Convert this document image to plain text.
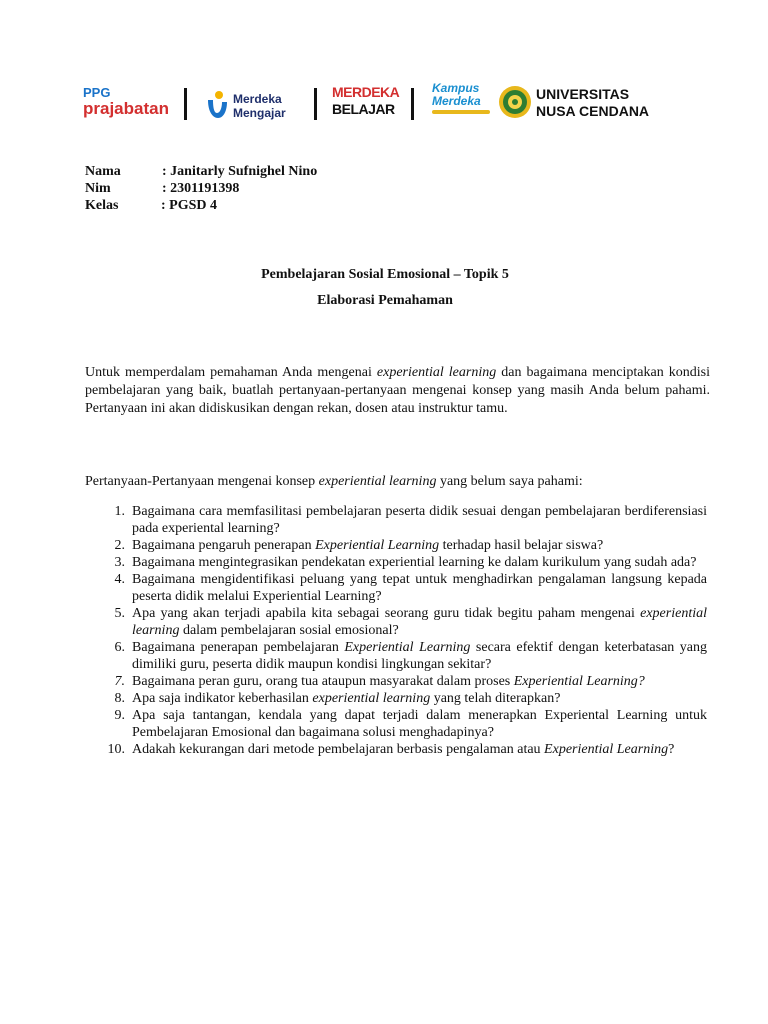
PPG
prajabatan	Merdeka
Mengajar
MERDEKA
BELAJAR
Kampus
Merdeka	UNIVERSITAS
NUSA CENDANA
Nama	: Janitarly Sufnighel Nino
Nim	: 2301191398
Kelas	: PGSD 4
Pembelajaran Sosial Emosional – Topik 5
Elaborasi Pemahaman
Untuk memperdalam pemahaman Anda mengenai experiential learning dan bagaimana menciptakan kondisi pembelajaran yang baik, buatlah pertanyaan-pertanyaan mengenai konsep yang masih Anda belum pahami. Pertanyaan ini akan didiskusikan dengan rekan, dosen atau instruktur tamu.
Pertanyaan-Pertanyaan mengenai konsep experiential learning yang belum saya pahami:
1. Bagaimana cara memfasilitasi pembelajaran peserta didik sesuai dengan pembelajaran berdiferensiasi pada experiental learning?
2. Bagaimana pengaruh penerapan Experiential Learning terhadap hasil belajar siswa?
3. Bagaimana mengintegrasikan pendekatan experiential learning ke dalam kurikulum yang sudah ada?
4. Bagaimana mengidentifikasi peluang yang tepat untuk menghadirkan pengalaman langsung kepada peserta didik melalui Experiential Learning?
5. Apa yang akan terjadi apabila kita sebagai seorang guru tidak begitu paham mengenai experiential learning dalam pembelajaran sosial emosional?
6. Bagaimana penerapan pembelajaran Experiential Learning secara efektif dengan keterbatasan yang dimiliki guru, peserta didik maupun kondisi lingkungan sekitar?
7. Bagaimana peran guru, orang tua ataupun masyarakat dalam proses Experiential Learning?
8. Apa saja indikator keberhasilan experiential learning yang telah diterapkan?
9. Apa saja tantangan, kendala yang dapat terjadi dalam menerapkan Experiental Learning untuk Pembelajaran Emosional dan bagaimana solusi menghadapinya?
10. Adakah kekurangan dari metode pembelajaran berbasis pengalaman atau Experiential Learning?
